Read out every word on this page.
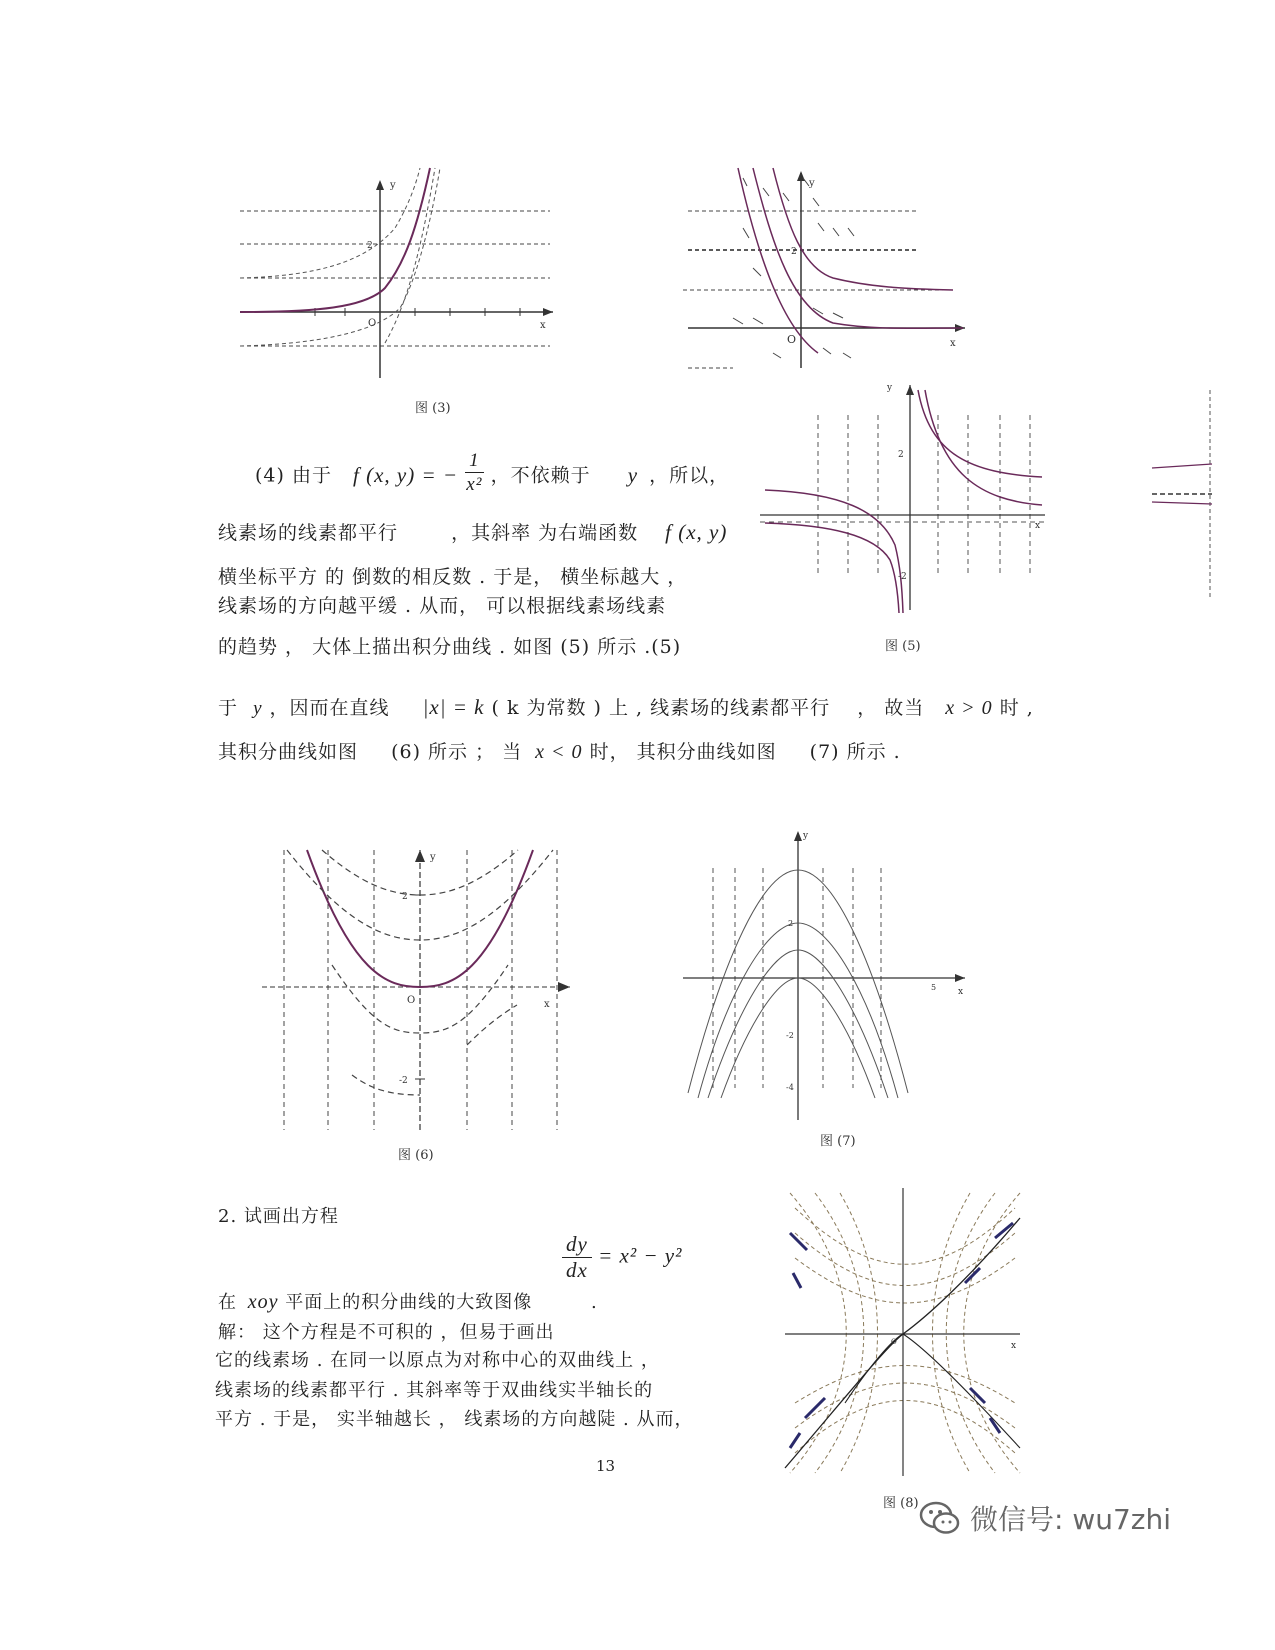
y
x
O
2
图 (3)
y
x
O
2
y
x
2
-2
图 (5)
(4) 由于 f (x, y) = − $\frac{1}{\text{x²}}$ ，不依赖于 y ，所以，
线素场的线素都平行	，其斜率 为右端函数 f (x, y)
横坐标平方 的 倒数的相反数 . 于是， 横坐标越大 ，
线素场的方向越平缓 . 从而， 可以根据线素场线素
的趋势 ， 大体上描出积分曲线 . 如图 (5) 所示 .(5)
于 y ，因而在直线 |x| = k ( k 为常数 ) 上 , 线素场的线素都平行 ， 故当 x > 0 时 ,
其积分曲线如图 (6) 所示 ； 当 x < 0 时， 其积分曲线如图 (7) 所示 .
y
x
O
2
-2
图 (6)
y
x
5
2
-2
-4
图 (7)
2. 试画出方程
$\frac{dy}{dx} = x^2 - y^2$
在 xoy 平面上的积分曲线的大致图像	.
解： 这个方程是不可积的 ，但易于画出
它的线素场 . 在同一以原点为对称中心的双曲线上 ，
线素场的线素都平行 . 其斜率等于双曲线实半轴长的
平方 . 于是， 实半轴越长 ， 线素场的方向越陡 . 从而，
13
x
O
图 (8) 微信号: wu7zhi
